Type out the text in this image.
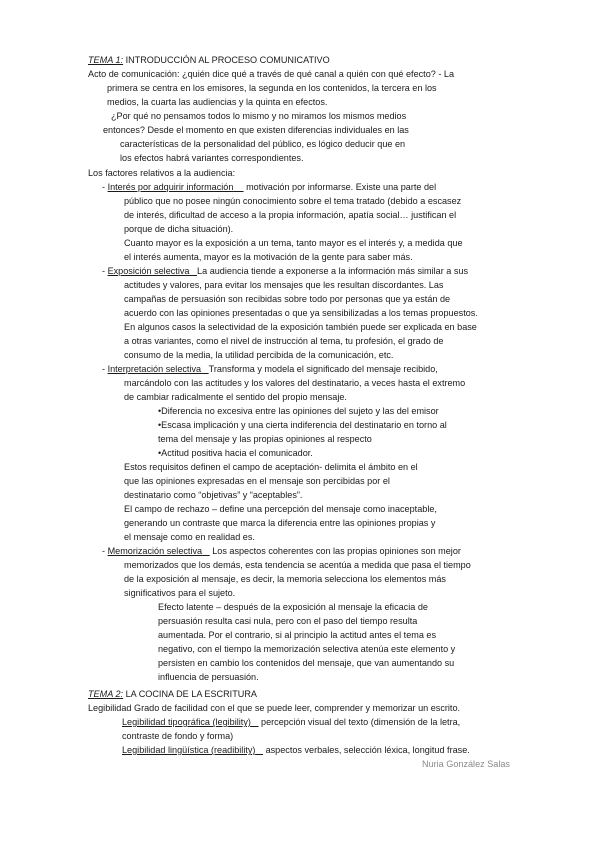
TEMA 1: INTRODUCCIÓN AL PROCESO COMUNICATIVO
Acto de comunicación: ¿quién dice qué a través de qué canal a quién con qué efecto? - La
primera se centra en los emisores, la segunda en los contenidos, la tercera en los
medios, la cuarta las audiencias y la quinta en efectos.
¿Por qué no pensamos todos lo mismo y no miramos los mismos medios
entonces? Desde el momento en que existen diferencias individuales en las
características de la personalidad del público, es lógico deducir que en
los efectos habrá variantes correspondientes.
Los factores relativos a la audiencia:
- Interés por adquirir información motivación por informarse. Existe una parte del
público que no posee ningún conocimiento sobre el tema tratado (debido a escasez
de interés, dificultad de acceso a la propia información, apatía social… justifican el
porque de dicha situación).
Cuanto mayor es la exposición a un tema, tanto mayor es el interés y, a medida que
el interés aumenta, mayor es la motivación de la gente para saber más.
- Exposición selectiva La audiencia tiende a exponerse a la información más similar a sus
actitudes y valores, para evitar los mensajes que les resultan discordantes. Las
campañas de persuasión son recibidas sobre todo por personas que ya están de
acuerdo con las opiniones presentadas o que ya sensibilizadas a los temas propuestos.
En algunos casos la selectividad de la exposición también puede ser explicada en base
a otras variantes, como el nivel de instrucción al tema, tu profesión, el grado de
consumo de la media, la utilidad percibida de la comunicación, etc.
- Interpretación selectiva Transforma y modela el significado del mensaje recibido,
marcándolo con las actitudes y los valores del destinatario, a veces hasta el extremo
de cambiar radicalmente el sentido del propio mensaje.
•Diferencia no excesiva entre las opiniones del sujeto y las del emisor
•Escasa implicación y una cierta indiferencia del destinatario en torno al
tema del mensaje y las propias opiniones al respecto
•Actitud positiva hacia el comunicador.
Estos requisitos definen el campo de aceptación- delimita el ámbito en el
que las opiniones expresadas en el mensaje son percibidas por el
destinatario como “objetivas” y “aceptables”.
El campo de rechazo – define una percepción del mensaje como inaceptable,
generando un contraste que marca la diferencia entre las opiniones propias y
el mensaje como en realidad es.
- Memorización selectiva Los aspectos coherentes con las propias opiniones son mejor
memorizados que los demás, esta tendencia se acentúa a medida que pasa el tiempo
de la exposición al mensaje, es decir, la memoria selecciona los elementos más
significativos para el sujeto.
Efecto latente – después de la exposición al mensaje la eficacia de
persuasión resulta casi nula, pero con el paso del tiempo resulta
aumentada. Por el contrario, si al principio la actitud antes el tema es
negativo, con el tiempo la memorización selectiva atenúa este elemento y
persisten en cambio los contenidos del mensaje, que van aumentando su
influencia de persuasión.
TEMA 2: LA COCINA DE LA ESCRITURA
Legibilidad Grado de facilidad con el que se puede leer, comprender y memorizar un escrito.
Legibilidad tipográfica (legibility)    percepción visual del texto (dimensión de la letra,
contraste de fondo y forma)
Legibilidad lingüística (readibility)    aspectos verbales, selección léxica, longitud frase.
Nuria González Salas
